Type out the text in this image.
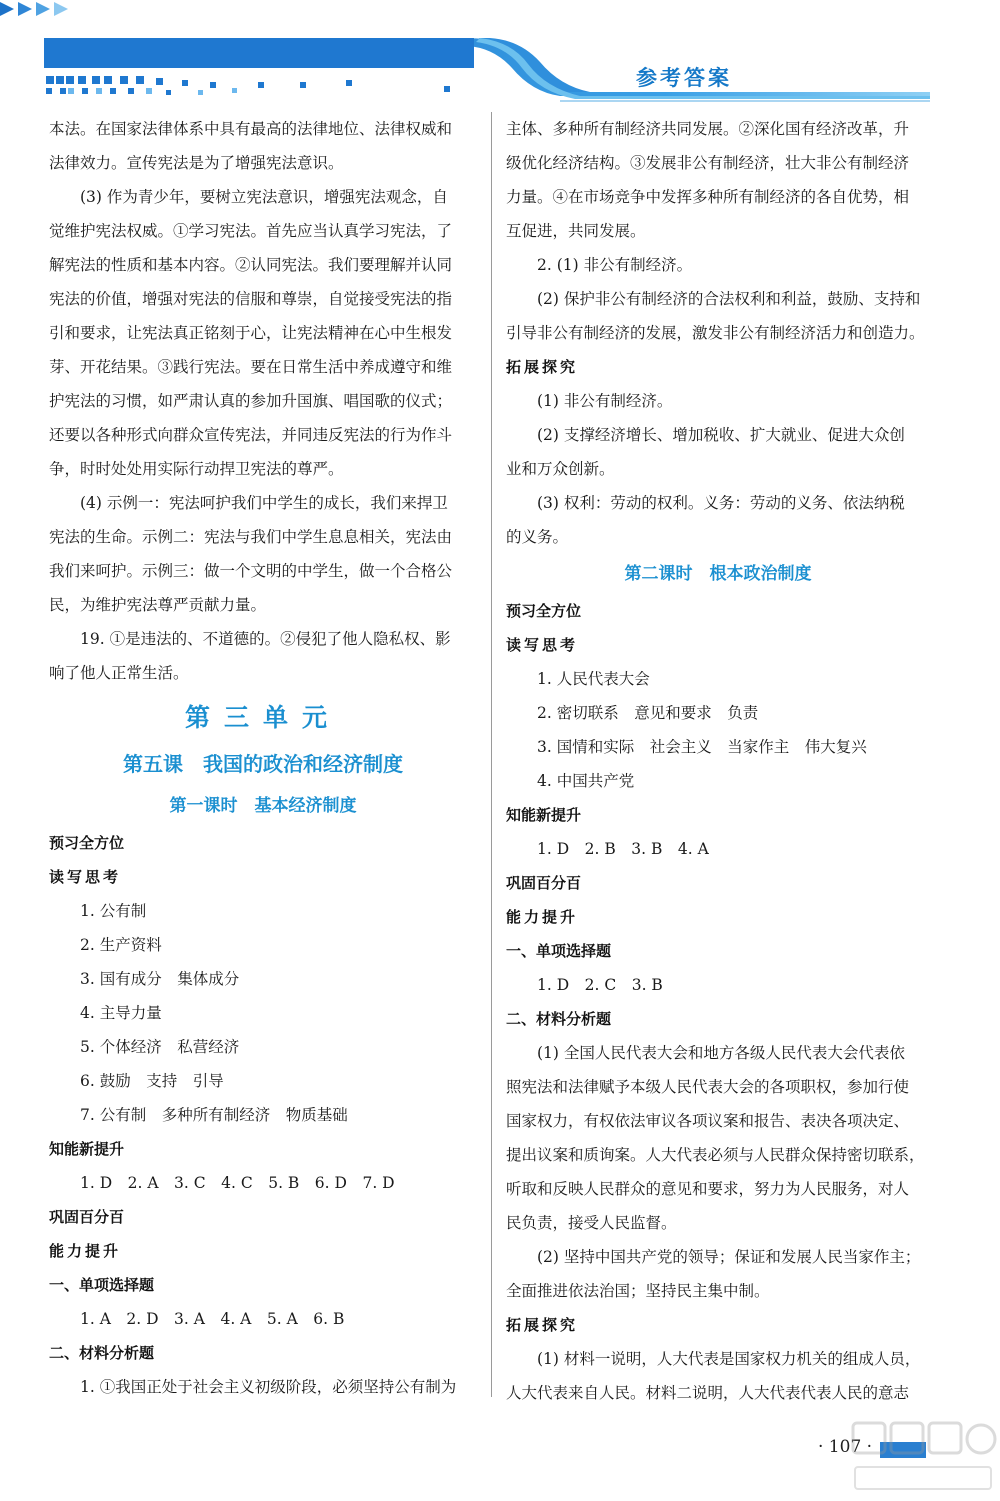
参考答案
本法。在国家法律体系中具有最高的法律地位、法律权威和
法律效力。宣传宪法是为了增强宪法意识。
(3) 作为青少年，要树立宪法意识，增强宪法观念，自
觉维护宪法权威。①学习宪法。首先应当认真学习宪法，了
解宪法的性质和基本内容。②认同宪法。我们要理解并认同
宪法的价值，增强对宪法的信服和尊崇，自觉接受宪法的指
引和要求，让宪法真正铭刻于心，让宪法精神在心中生根发
芽、开花结果。③践行宪法。要在日常生活中养成遵守和维
护宪法的习惯，如严肃认真的参加升国旗、唱国歌的仪式；
还要以各种形式向群众宣传宪法，并同违反宪法的行为作斗
争，时时处处用实际行动捍卫宪法的尊严。
(4) 示例一：宪法呵护我们中学生的成长，我们来捍卫
宪法的生命。示例二：宪法与我们中学生息息相关，宪法由
我们来呵护。示例三：做一个文明的中学生，做一个合格公
民，为维护宪法尊严贡献力量。
19. ①是违法的、不道德的。②侵犯了他人隐私权、影
响了他人正常生活。
第三单元
第五课　我国的政治和经济制度
第一课时　基本经济制度
预习全方位
读写思考
1. 公有制
2. 生产资料
3. 国有成分　集体成分
4. 主导力量
5. 个体经济　私营经济
6. 鼓励　支持　引导
7. 公有制　多种所有制经济　物质基础
知能新提升
1. D　2. A　3. C　4. C　5. B　6. D　7. D
巩固百分百
能力提升
一、单项选择题
1. A　2. D　3. A　4. A　5. A　6. B
二、材料分析题
1. ①我国正处于社会主义初级阶段，必须坚持公有制为
主体、多种所有制经济共同发展。②深化国有经济改革，升
级优化经济结构。③发展非公有制经济，壮大非公有制经济
力量。④在市场竞争中发挥多种所有制经济的各自优势，相
互促进，共同发展。
2. (1) 非公有制经济。
(2) 保护非公有制经济的合法权利和利益，鼓励、支持和
引导非公有制经济的发展，激发非公有制经济活力和创造力。
拓展探究
(1) 非公有制经济。
(2) 支撑经济增长、增加税收、扩大就业、促进大众创
业和万众创新。
(3) 权利：劳动的权利。义务：劳动的义务、依法纳税
的义务。
第二课时　根本政治制度
预习全方位
读写思考
1. 人民代表大会
2. 密切联系　意见和要求　负责
3. 国情和实际　社会主义　当家作主　伟大复兴
4. 中国共产党
知能新提升
1. D　2. B　3. B　4. A
巩固百分百
能力提升
一、单项选择题
1. D　2. C　3. B
二、材料分析题
(1) 全国人民代表大会和地方各级人民代表大会代表依
照宪法和法律赋予本级人民代表大会的各项职权，参加行使
国家权力，有权依法审议各项议案和报告、表决各项决定、
提出议案和质询案。人大代表必须与人民群众保持密切联系，
听取和反映人民群众的意见和要求，努力为人民服务，对人
民负责，接受人民监督。
(2) 坚持中国共产党的领导；保证和发展人民当家作主；
全面推进依法治国；坚持民主集中制。
拓展探究
(1) 材料一说明，人大代表是国家权力机关的组成人员，
人大代表来自人民。材料二说明，人大代表代表人民的意志
· 107 ·
